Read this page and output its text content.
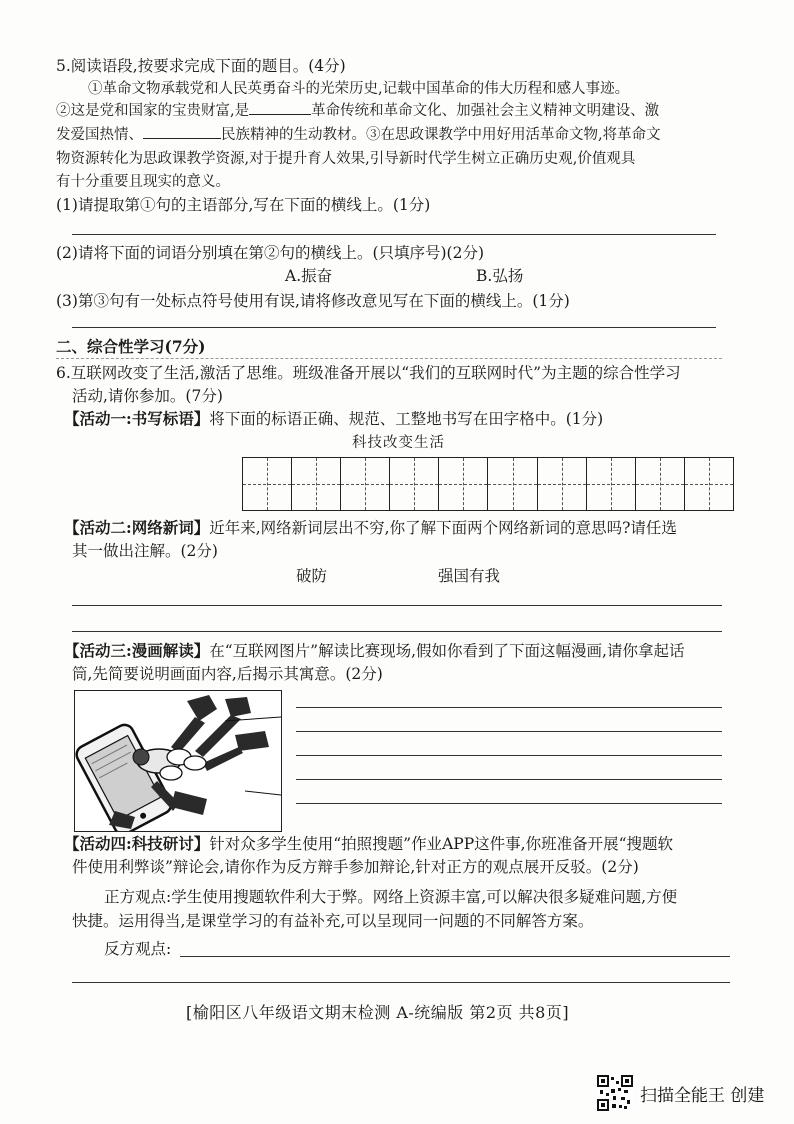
5.阅读语段,按要求完成下面的题目。(4分)
①革命文物承载党和人民英勇奋斗的光荣历史,记载中国革命的伟大历程和感人事迹。
②这是党和国家的宝贵财富,是	革命传统和革命文化、加强社会主义精神文明建设、激
发爱国热情、	民族精神的生动教材。③在思政课教学中用好用活革命文物,将革命文
物资源转化为思政课教学资源,对于提升育人效果,引导新时代学生树立正确历史观,价值观具
有十分重要且现实的意义。
(1)请提取第①句的主语部分,写在下面的横线上。(1分)
(2)请将下面的词语分别填在第②句的横线上。(只填序号)(2分)
A.振奋	B.弘扬
(3)第③句有一处标点符号使用有误,请将修改意见写在下面的横线上。(1分)
二、综合性学习(7分)
6.互联网改变了生活,激活了思维。班级准备开展以“我们的互联网时代”为主题的综合性学习
活动,请你参加。(7分)
【活动一:书写标语】将下面的标语正确、规范、工整地书写在田字格中。(1分)
科技改变生活
【活动二:网络新词】近年来,网络新词层出不穷,你了解下面两个网络新词的意思吗?请任选
其一做出注解。(2分)
破防	强国有我
【活动三:漫画解读】在“互联网图片”解读比赛现场,假如你看到了下面这幅漫画,请你拿起话
筒,先简要说明画面内容,后揭示其寓意。(2分)
【活动四:科技研讨】针对众多学生使用“拍照搜题”作业APP这件事,你班准备开展“搜题软
件使用利弊谈”辩论会,请你作为反方辩手参加辩论,针对正方的观点展开反驳。(2分)
正方观点:学生使用搜题软件利大于弊。网络上资源丰富,可以解决很多疑难问题,方便
快捷。运用得当,是课堂学习的有益补充,可以呈现同一问题的不同解答方案。
反方观点:
[榆阳区八年级语文期末检测 A-统编版 第2页 共8页]
扫描全能王 创建
